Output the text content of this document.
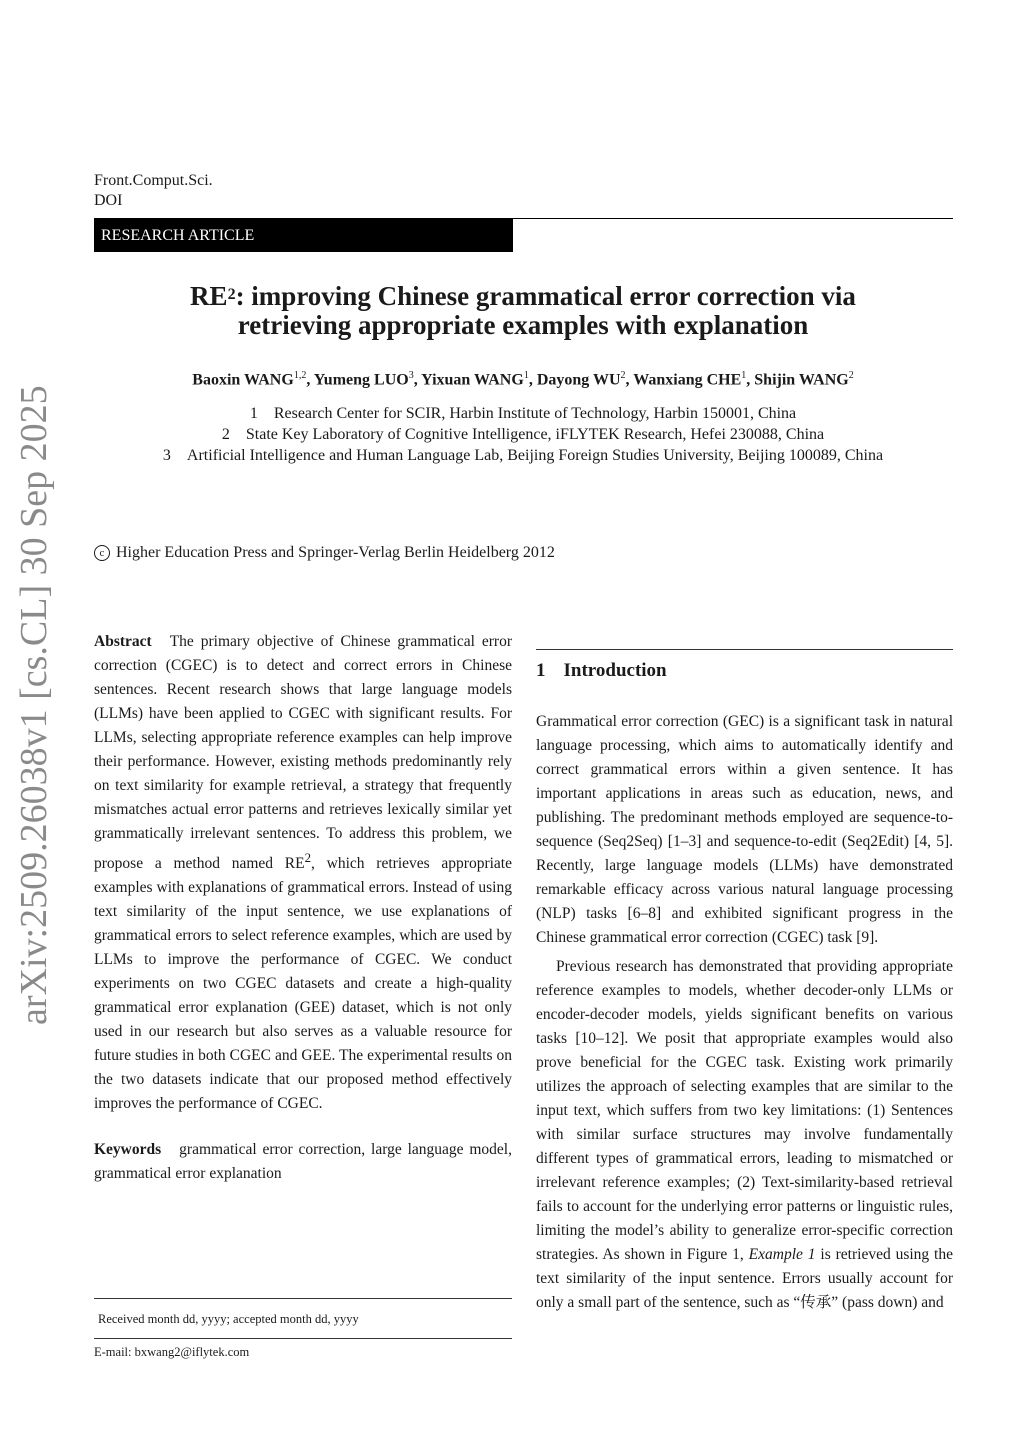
Front.Comput.Sci.
DOI
RESEARCH ARTICLE
$RE^2$: improving Chinese grammatical error correction via
retrieving appropriate examples with explanation
Baoxin WANG$^{1,2}$, Yumeng LUO$^3$, Yixuan WANG$^1$, Dayong $WU^2$, Wanxiang CHE$^1$, Shijin WANG$^2$
1 Research Center for SCIR, Harbin Institute of Technology, Harbin 150001, China
2 State Key Laboratory of Cognitive Intelligence, iFLYTEK Research, Hefei 230088, China
3 Artificial Intelligence and Human Language Lab, Beijing Foreign Studies University, Beijing 100089, China
c Higher Education Press and Springer-Verlag Berlin Heidelberg 2012
arXiv:2509.26038v1 [cs.CL] 30 Sep 2025	Abstract The primary objective of Chinese grammatical error correction (CGEC) is to detect and correct errors in Chinese sentences. Recent research shows that large language models (LLMs) have been applied to CGEC with significant results. For LLMs, selecting appropriate reference examples can help improve their performance. However, existing methods predominantly rely on text similarity for example retrieval, a strategy that frequently mismatches actual error patterns and retrieves lexically similar yet grammatically irrelevant sentences. To address this problem, we propose a method named $RE^2$, which retrieves appropriate examples with explanations of grammatical errors. Instead of using text similarity of the input sentence, we use explanations of grammatical errors to select reference examples, which are used by LLMs to improve the performance of CGEC. We conduct experiments on two CGEC datasets and create a high-quality grammatical error explanation (GEE) dataset, which is not only used in our research but also serves as a valuable resource for future studies in both CGEC and GEE. The experimental results on the two datasets indicate that our proposed method effectively improves the performance of CGEC.

Keywords grammatical error correction, large language model, grammatical error explanation

1 Introduction

Grammatical error correction (GEC) is a significant task in natural language processing, which aims to automatically identify and correct grammatical errors within a given sentence. It has important applications in areas such as education, news, and publishing. The predominant methods employed are sequence-to-sequence (Seq2Seq) [1–3] and sequence-to-edit (Seq2Edit) [4, 5]. Recently, large language models (LLMs) have demonstrated remarkable efficacy across various natural language processing (NLP) tasks [6–8] and exhibited significant progress in the Chinese grammatical error correction (CGEC) task [9].

Previous research has demonstrated that providing appropriate reference examples to models, whether decoder-only LLMs or encoder-decoder models, yields significant benefits on various tasks [10–12]. We posit that appropriate examples would also prove beneficial for the CGEC task. Existing work primarily utilizes the approach of selecting examples that are similar to the input text, which suffers from two key limitations: (1) Sentences with similar surface structures may involve fundamentally different types of grammatical errors, leading to mismatched or irrelevant reference examples; (2) Text-similarity-based retrieval fails to account for the underlying error patterns or linguistic rules, limiting the model’s ability to generalize error-specific correction strategies. As shown in Figure 1, Example 1 is retrieved using the text similarity of the input sentence. Errors usually account for only a small part of the sentence, such as “传承” (pass down) and

Received month dd, yyyy; accepted month dd, yyyy
E-mail: bxwang2@iflytek.com
